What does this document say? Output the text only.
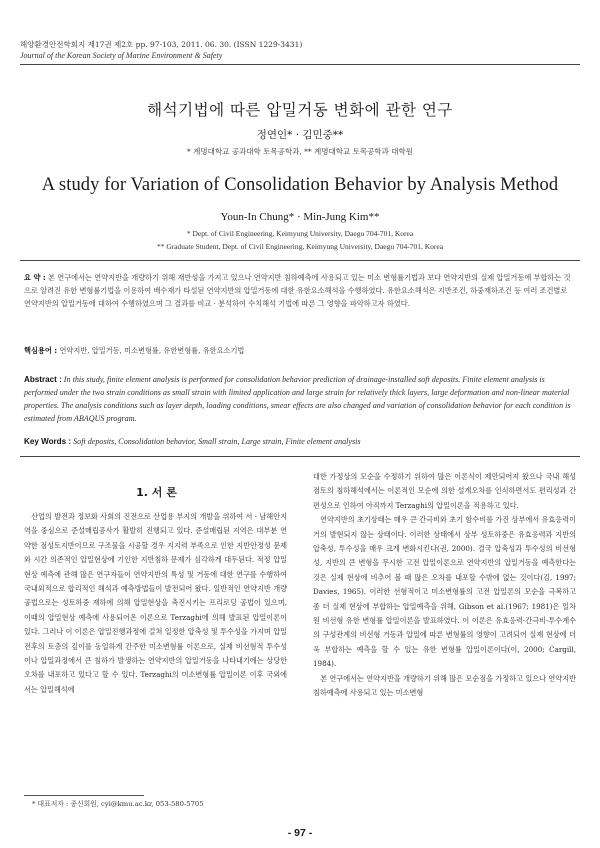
해양환경안전학회지 제17권 제2호 pp. 97-103, 2011. 06. 30. (ISSN 1229-3431)
Journal of the Korean Society of Marine Environment & Safety
해석기법에 따른 압밀거동 변화에 관한 연구
정연인* · 김민중**
* 계명대학교 공과대학 토목공학과, ** 계명대학교 토목공학과 대학원
A study for Variation of Consolidation Behavior by Analysis Method
Youn-In Chung* · Min-Jung Kim**
* Dept. of Civil Engineering, Keimyung University, Daegu 704-701, Korea
** Graduate Student, Dept. of Civil Engineering, Keimyung University, Daegu 704-701, Korea
요 약 : 본 연구에서는 연약지반을 개량하기 위해 재반성을 가지고 있으나 연약지반 침하예측에 사용되고 있는 미소 변형률기법과 보다 연약지반의 실제 압밀거동에 부합하는 것으로 알려진 유한 변형률기법을 이용하여 배수재가 타설된 연약지반의 압밀거동에 대한 유한요소해석을 수행하였다. 유한요소해석은 지반조건, 하중재하조건 등 여러 조건별로 연약지반의 압밀거동에 대하여 수행하였으며 그 결과를 비교 · 분석하여 수치해석 기법에 따른 그 영향을 파악하고자 하였다.
핵심용어 : 연약지반, 압밀거동, 미소변형률, 유한변형률, 유한요소기법
Abstract : In this study, finite element analysis is performed for consolidation behavior prediction of drainage-installed soft deposits. Finite element analysis is performed under the two strain conditions as small strain with limited application and large strain for relatively thick layers, large deformation and non-linear material properties. The analysis conditions such as layer depth, loading conditions, smear effects are also changed and variation of consolidation behavior for each condition is estimated from ABAQUS program.
Key Words : Soft deposits, Consolidation behavior, Small strain, Large strain, Finite element analysis
1. 서 론

산업의 발전과 정보화 사회의 진전으로 산업용 부지의 개발을 위하여 서 · 남해안지역을 중심으로 준설매립공사가 활발히 진행되고 있다. 준설매립된 지역은 대부분 연약한 점성토지반이므로 구조물을 시공할 경우 지지력 부족으로 인한 지반안정성 문제와 시간 의존적인 압밀현상에 기인한 지반침하 문제가 심각하게 대두된다. 적정 압밀현상 예측에 관해 많은 연구자들이 연약지반의 특성 및 거동에 대한 연구를 수행하여 국내외적으로 합리적인 해석과 예측방법들이 발전되어 왔다. 일반적인 연약지반 개량공법으로는 성토하중 재하에 의해 압밀현상을 촉진시키는 프리로딩 공법이 있으며, 이때의 압밀현상 예측에 사용되어온 이론으로 Terzaghi에 의해 발표된 압밀이론이 있다. 그러나 이 이론은 압밀진행과정에 걸쳐 일정한 압축성 및 투수성을 가지며 압밀전후의 토층의 깊이를 동일하게 간주한 미소변형률 이론으로, 실제 비선형적 투수성이나 압밀과정에서 큰 침하가 발생하는 연약지반의 압밀거동을 나타내기에는 상당한 오차를 내포하고 있다고 할 수 있다. Terzaghi의 미소변형률 압밀이론 이후 국외에서는 압밀해석에

대한 가정상의 모순을 수정하기 위하여 많은 이론식이 제안되어져 왔으나 국내 해성점토의 침하해석에서는 이론적인 모순에 의한 설계오차를 인식하면서도 편리성과 간편성으로 인하여 아직까지 Terzaghi의 압밀이론을 적용하고 있다.

연약지반의 초기상태는 매우 큰 간극비와 초기 함수비를 가진 상부에서 유효응력이 거의 발현되지 않는 상태이다. 이러한 상태에서 상부 성토하중은 유효응력과 지반의 압축성, 투수성을 매우 크게 변화시킨다(권, 2000). 결국 압축성과 투수성의 비선형성, 지반의 큰 변형을 무시한 고전 압밀이론으로 연약지반의 압밀거동을 예측한다는 것은 실제 현상에 비추어 볼 때 많은 오차를 내포할 수밖에 없는 것이다(김, 1997; Davies, 1965). 이러한 선형적이고 미소변형률의 고전 압밀론의 모순을 극복하고 좀 더 실제 현상에 부합하는 압밀예측을 위해, Gibson et al.(1967; 1981)은 일차원 비선형 유한 변형률 압밀이론을 발표하였다. 이 이론은 유효응력-간극비-투수계수의 구성관계의 비선형 거동과 압밀에 따른 변형률의 영향이 고려되어 실제 현상에 더욱 부합하는 예측을 할 수 있는 유한 변형률 압밀이론이다(이, 2000; Cargill, 1984).

본 연구에서는 연약지반을 개량하기 위해 많은 모순점을 가정하고 있으나 연약지반 침하예측에 사용되고 있는 미소변형

* 대표저자 : 종신회원, cyi@kmu.ac.kr, 053-580-5705
- 97 -
